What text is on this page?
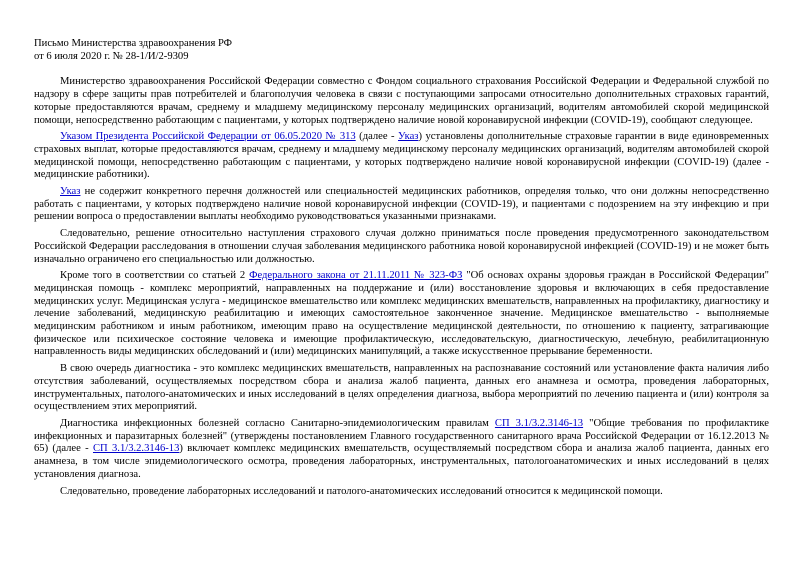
Письмо Министерства здравоохранения РФ
от 6 июля 2020 г. № 28-1/И/2-9309

Министерство здравоохранения Российской Федерации совместно с Фондом социального страхования Российской Федерации и Федеральной службой по надзору в сфере защиты прав потребителей и благополучия человека в связи с поступающими запросами относительно дополнительных страховых гарантий, которые предоставляются врачам, среднему и младшему медицинскому персоналу медицинских организаций, водителям автомобилей скорой медицинской помощи, непосредственно работающим с пациентами, у которых подтверждено наличие новой коронавирусной инфекции (COVID-19), сообщают следующее.

Указом Президента Российской Федерации от 06.05.2020 № 313 (далее - Указ) установлены дополнительные страховые гарантии в виде единовременных страховых выплат, которые предоставляются врачам, среднему и младшему медицинскому персоналу медицинских организаций, водителям автомобилей скорой медицинской помощи, непосредственно работающим с пациентами, у которых подтверждено наличие новой коронавирусной инфекции (COVID-19) (далее - медицинские работники).

Указ не содержит конкретного перечня должностей или специальностей медицинских работников, определяя только, что они должны непосредственно работать с пациентами, у которых подтверждено наличие новой коронавирусной инфекции (COVID-19), и пациентами с подозрением на эту инфекцию и при решении вопроса о предоставлении выплаты необходимо руководствоваться указанными признаками.

Следовательно, решение относительно наступления страхового случая должно приниматься после проведения предусмотренного законодательством Российской Федерации расследования в отношении случая заболевания медицинского работника новой коронавирусной инфекцией (COVID-19) и не может быть изначально ограничено его специальностью или должностью.

Кроме того в соответствии со статьей 2 Федерального закона от 21.11.2011 № 323-ФЗ "Об основах охраны здоровья граждан в Российской Федерации" медицинская помощь - комплекс мероприятий, направленных на поддержание и (или) восстановление здоровья и включающих в себя предоставление медицинских услуг. Медицинская услуга - медицинское вмешательство или комплекс медицинских вмешательств, направленных на профилактику, диагностику и лечение заболеваний, медицинскую реабилитацию и имеющих самостоятельное законченное значение. Медицинское вмешательство - выполняемые медицинским работником и иным работником, имеющим право на осуществление медицинской деятельности, по отношению к пациенту, затрагивающие физическое или психическое состояние человека и имеющие профилактическую, исследовательскую, диагностическую, лечебную, реабилитационную направленность виды медицинских обследований и (или) медицинских манипуляций, а также искусственное прерывание беременности.

В свою очередь диагностика - это комплекс медицинских вмешательств, направленных на распознавание состояний или установление факта наличия либо отсутствия заболеваний, осуществляемых посредством сбора и анализа жалоб пациента, данных его анамнеза и осмотра, проведения лабораторных, инструментальных, патолого-анатомических и иных исследований в целях определения диагноза, выбора мероприятий по лечению пациента и (или) контроля за осуществлением этих мероприятий.

Диагностика инфекционных болезней согласно Санитарно-эпидемиологическим правилам СП 3.1/3.2.3146-13 "Общие требования по профилактике инфекционных и паразитарных болезней" (утверждены постановлением Главного государственного санитарного врача Российской Федерации от 16.12.2013 № 65) (далее - СП 3.1/3.2.3146-13) включает комплекс медицинских вмешательств, осуществляемый посредством сбора и анализа жалоб пациента, данных его анамнеза, в том числе эпидемиологического осмотра, проведения лабораторных, инструментальных, патологоанатомических и иных исследований в целях установления диагноза.

Следовательно, проведение лабораторных исследований и патолого-анатомических исследований относится к медицинской помощи.
